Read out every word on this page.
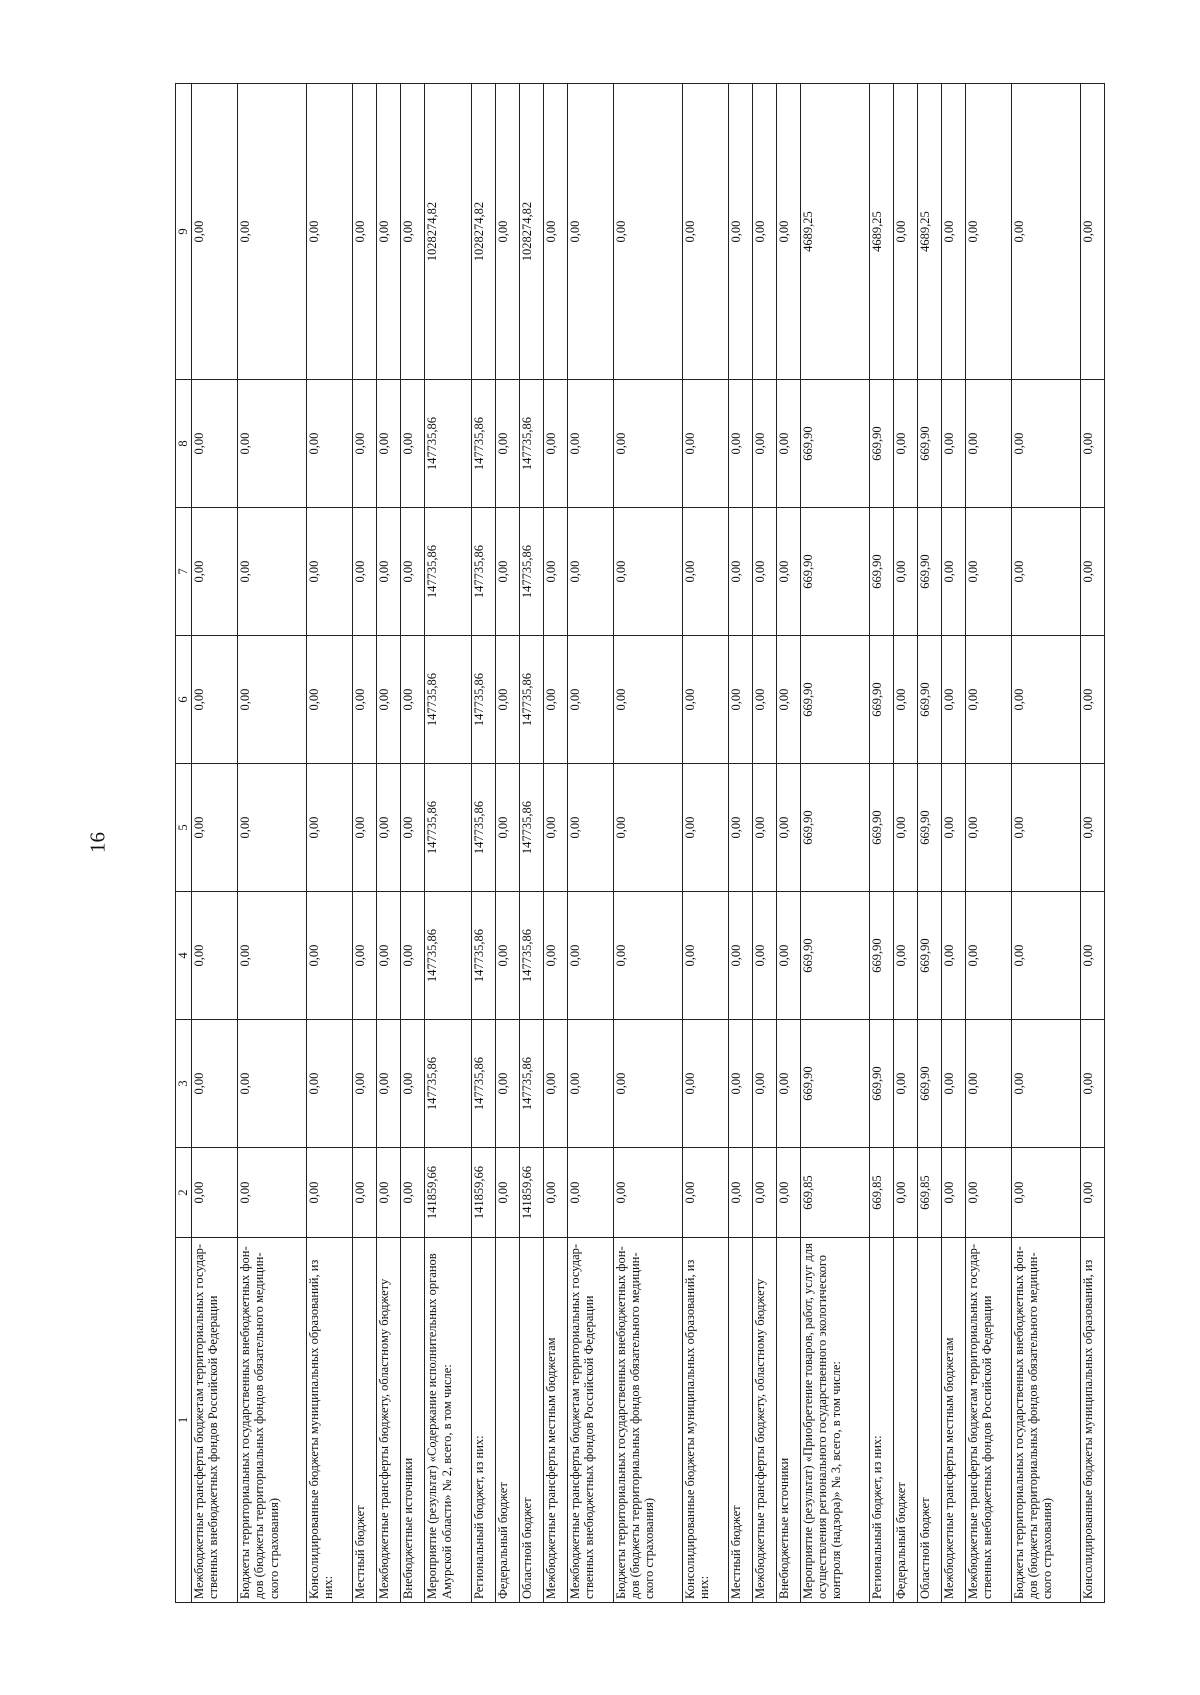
16
1	2	3	4	5	6	7	8	9
Межбюджетные трансферты бюджетам территориальных государственных внебюджетных фондов Российской Федерации	0,00	0,00	0,00	0,00	0,00	0,00	0,00	0,00
Бюджеты территориальных государственных внебюджетных фондов (бюджеты территориальных фондов обязательного медицинского страхования)	0,00	0,00	0,00	0,00	0,00	0,00	0,00	0,00
Консолидированные бюджеты муниципальных образований, из них:	0,00	0,00	0,00	0,00	0,00	0,00	0,00	0,00
Местный бюджет	0,00	0,00	0,00	0,00	0,00	0,00	0,00	0,00
Межбюджетные трансферты бюджету, областному бюджету	0,00	0,00	0,00	0,00	0,00	0,00	0,00	0,00
Внебюджетные источники	0,00	0,00	0,00	0,00	0,00	0,00	0,00	0,00
Мероприятие (результат) «Содержание исполнительных органов Амурской области» № 2, всего, в том числе:	141859,66	147735,86	147735,86	147735,86	147735,86	147735,86	147735,86	1028274,82
Региональный бюджет, из них:	141859,66	147735,86	147735,86	147735,86	147735,86	147735,86	147735,86	1028274,82
Федеральный бюджет	0,00	0,00	0,00	0,00	0,00	0,00	0,00	0,00
Областной бюджет	141859,66	147735,86	147735,86	147735,86	147735,86	147735,86	147735,86	1028274,82
Межбюджетные трансферты местным бюджетам	0,00	0,00	0,00	0,00	0,00	0,00	0,00	0,00
Межбюджетные трансферты бюджетам территориальных государственных внебюджетных фондов Российской Федерации	0,00	0,00	0,00	0,00	0,00	0,00	0,00	0,00
Бюджеты территориальных государственных внебюджетных фондов (бюджеты территориальных фондов обязательного медицинского страхования)	0,00	0,00	0,00	0,00	0,00	0,00	0,00	0,00
Консолидированные бюджеты муниципальных образований, из них:	0,00	0,00	0,00	0,00	0,00	0,00	0,00	0,00
Местный бюджет	0,00	0,00	0,00	0,00	0,00	0,00	0,00	0,00
Межбюджетные трансферты бюджету, областному бюджету	0,00	0,00	0,00	0,00	0,00	0,00	0,00	0,00
Внебюджетные источники	0,00	0,00	0,00	0,00	0,00	0,00	0,00	0,00
Мероприятие (результат) «Приобретение товаров, работ, услуг для осуществления регионального государственного экологического контроля (надзора)» № 3, всего, в том числе:	669,85	669,90	669,90	669,90	669,90	669,90	669,90	4689,25
Региональный бюджет, из них:	669,85	669,90	669,90	669,90	669,90	669,90	669,90	4689,25
Федеральный бюджет	0,00	0,00	0,00	0,00	0,00	0,00	0,00	0,00
Областной бюджет	669,85	669,90	669,90	669,90	669,90	669,90	669,90	4689,25
Межбюджетные трансферты местным бюджетам	0,00	0,00	0,00	0,00	0,00	0,00	0,00	0,00
Межбюджетные трансферты бюджетам территориальных государственных внебюджетных фондов Российской Федерации	0,00	0,00	0,00	0,00	0,00	0,00	0,00	0,00
Бюджеты территориальных государственных внебюджетных фондов (бюджеты территориальных фондов обязательного медицинского страхования)	0,00	0,00	0,00	0,00	0,00	0,00	0,00	0,00
Консолидированные бюджеты муниципальных образований, из	0,00	0,00	0,00	0,00	0,00	0,00	0,00	0,00
